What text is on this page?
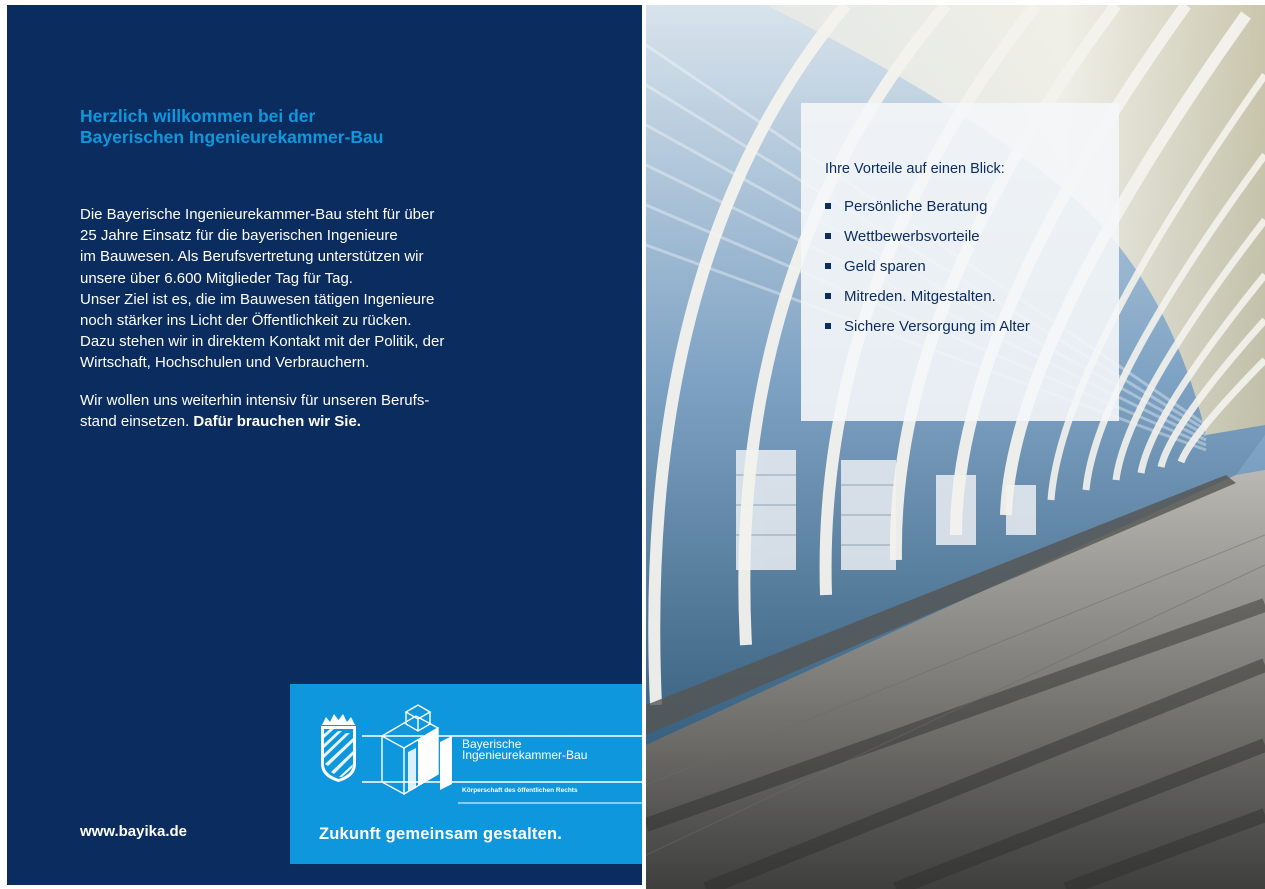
Herzlich willkommen bei der
Bayerischen Ingenieurekammer-Bau
Die Bayerische Ingenieurekammer-Bau steht für über
25 Jahre Einsatz für die bayerischen Ingenieure
im Bauwesen. Als Berufsvertretung unterstützen wir
unsere über 6.600 Mitglieder Tag für Tag.
Unser Ziel ist es, die im Bauwesen tätigen Ingenieure
noch stärker ins Licht der Öffentlichkeit zu rücken.
Dazu stehen wir in direktem Kontakt mit der Politik, der
Wirtschaft, Hochschulen und Verbrauchern.
Wir wollen uns weiterhin intensiv für unseren Berufs-
stand einsetzen. Dafür brauchen wir Sie.
www.bayika.de
Bayerische
Ingenieurekammer-Bau
Körperschaft des öffentlichen Rechts
Zukunft gemeinsam gestalten.
Ihre Vorteile auf einen Blick:
Persönliche Beratung
Wettbewerbsvorteile
Geld sparen
Mitreden. Mitgestalten.
Sichere Versorgung im Alter
